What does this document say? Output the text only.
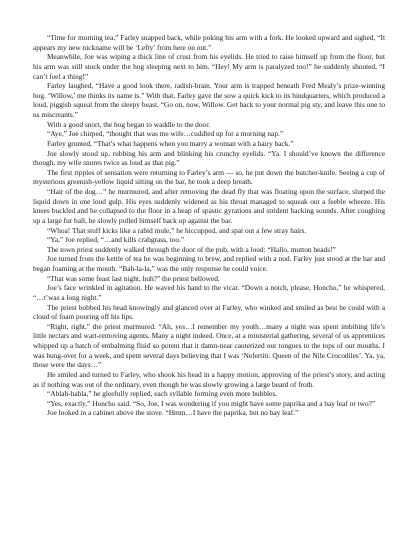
“Time for morning tea,” Farley snapped back, while poking his arm with a fork. He looked upward and sighed, “It appears my new nickname will be ‘Lefty’ from here on out.”

Meanwhile, Joe was wiping a thick line of crust from his eyelids. He tried to raise himself up from the floor, but his arm was still stuck under the hog sleeping next to him. “Hey! My arm is paralyzed too!” he suddenly shouted, “I can’t feel a thing!”

Farley laughed, “Have a good look there, radish-brain. Your arm is trapped beneath Fred Mealy’s prize-winning hog. ‘Willow,’ me thinks its name is.” With that, Farley gave the sow a quick kick to its hindquarters, which produced a loud, piggish squeal from the sleepy beast. “Go on, now, Willow. Get back to your normal pig sty, and leave this one to us miscreants.”

With a good snort, the hog began to waddle to the door.

“Aye,” Joe chirped, “thought that was me wife…cuddled up for a morning nap.”

Farley grunted, “That’s what happens when you marry a woman with a hairy back.”

Joe slowly stood up, rubbing his arm and blinking his crunchy eyelids. “Ya. I should’ve known the difference though, my wife snores twice as loud as that pig.”

The first ripples of sensation were returning to Farley’s arm — so, he put down the butcher-knife. Seeing a cup of mysterious greenish-yellow liquid sitting on the bar, he took a deep breath.

“Hair of the dog…” he murmured, and after removing the dead fly that was floating upon the surface, slurped the liquid down in one loud gulp. His eyes suddenly widened as his throat managed to squeak out a feeble wheeze. His knees buckled and he collapsed to the floor in a heap of spastic gyrations and strident hacking sounds. After coughing up a large fur ball, he slowly pulled himself back up against the bar.

“Whoa! That stuff kicks like a rabid mule,” he hiccupped, and spat out a few stray hairs.

“Ya,” Joe replied, “…and kills crabgrass, too.”

The town priest suddenly walked through the door of the pub, with a loud: “Hallo, mutton heads!”

Joe turned from the kettle of tea he was beginning to brew, and replied with a nod. Farley just stood at the bar and began foaming at the mouth. “Bah-la-la,” was the only response he could voice.

“That was some feast last night, huh?” the priest bellowed.

Joe’s face wrinkled in agitation. He waved his hand to the vicar. “Down a notch, please, Honcho,” he whispered, “…t’was a long night.”

The priest bobbed his head knowingly and glanced over at Farley, who winked and smiled as best he could with a cloud of foam pouring off his lips.

“Right, right,” the priest murmured. “Ah, yes…I remember my youth…many a night was spent imbibing life’s little nectars and wart-removing agents. Many a night indeed. Once, at a ministerial gathering, several of us apprentices whipped up a batch of embalming fluid so potent that it damn-near cauterized our tongues to the tops of our mouths. I was hung-over for a week, and spent several days believing that I was ‘Nefertiti: Queen of the Nile Crocodiles’. Ya, ya, those were the days…”

He smiled and turned to Farley, who shook his head in a happy motion, approving of the priest’s story, and acting as if nothing was out of the ordinary, even though he was slowly growing a large beard of froth.

“Ablah-habla,” he gleefully replied, each syllable forming even more bubbles.

“Yes, exactly,” Honcho said. “So, Joe, I was wondering if you might have some paprika and a bay leaf or two?”

Joe looked in a cabinet above the stove. “Hmm…I have the paprika, but no bay leaf.”
